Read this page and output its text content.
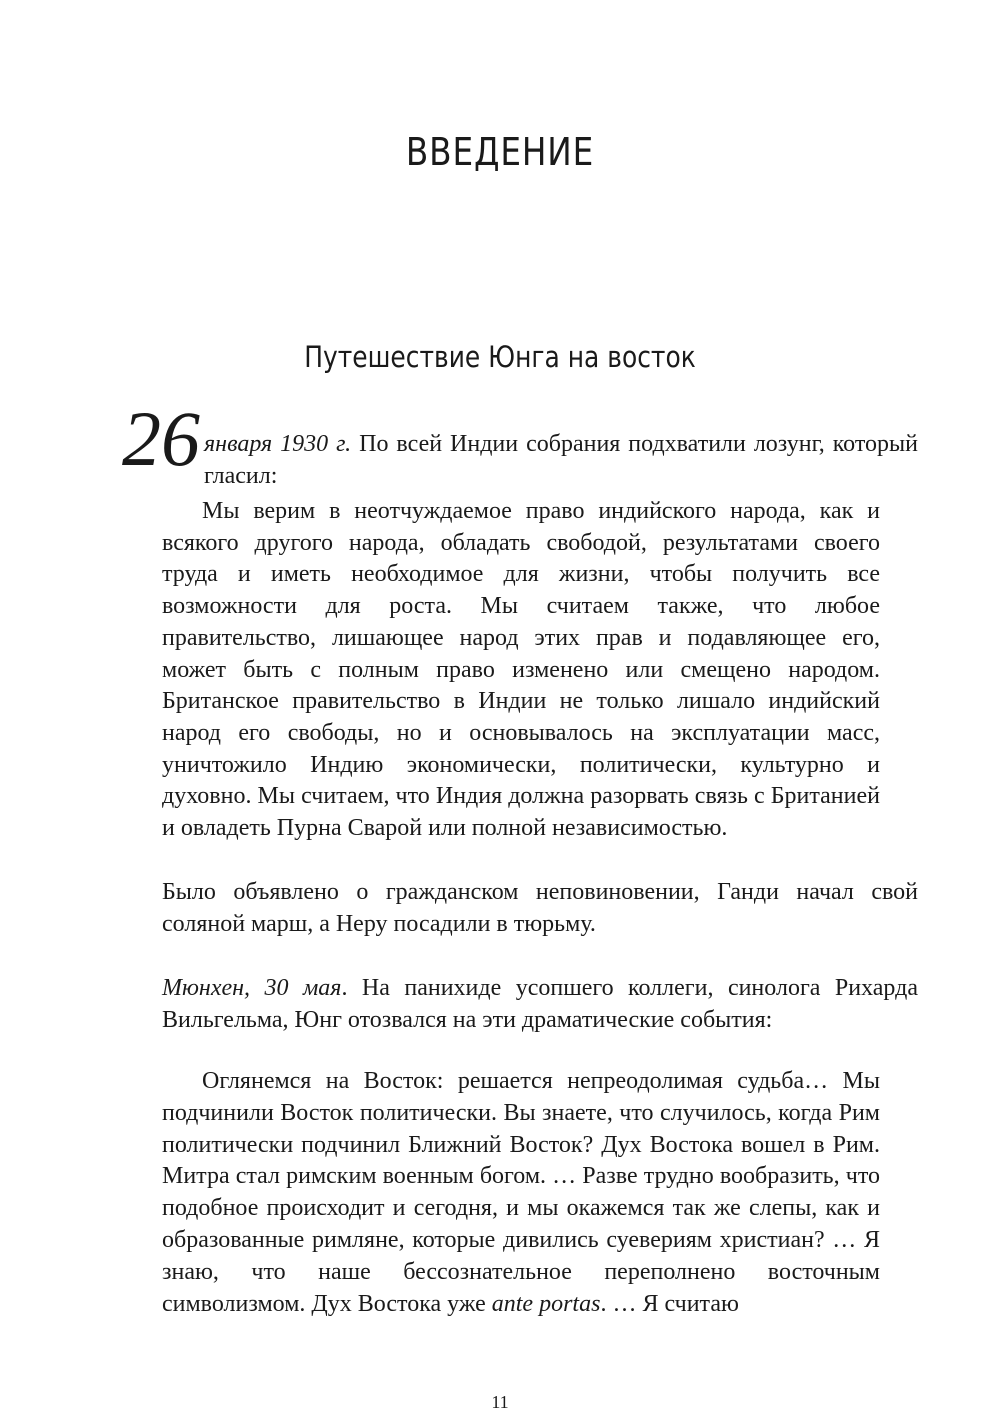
ВВЕДЕНИЕ
Путешествие Юнга на восток
26 января 1930 г. По всей Индии собрания подхватили лозунг, который гласил:

Мы верим в неотчуждаемое право индийского народа, как и всякого другого народа, обладать свободой, результатами своего труда и иметь необходимое для жизни, чтобы получить все возможности для роста. Мы считаем также, что любое правительство, лишающее народ этих прав и подавляющее его, может быть с полным право изменено или смещено народом. Британское правительство в Индии не только лишало индийский народ его свободы, но и основывалось на эксплуатации масс, уничтожило Индию экономически, политически, культурно и духовно. Мы считаем, что Индия должна разорвать связь с Британией и овладеть Пурна Сварой или полной независимостью.

Было объявлено о гражданском неповиновении, Ганди начал свой соляной марш, а Неру посадили в тюрьму.

Мюнхен, 30 мая. На панихиде усопшего коллеги, синолога Рихарда Вильгельма, Юнг отозвался на эти драматические события:

Оглянемся на Восток: решается непреодолимая судьба… Мы подчинили Восток политически. Вы знаете, что случилось, когда Рим политически подчинил Ближний Восток? Дух Востока вошел в Рим. Митра стал римским военным богом. … Разве трудно вообразить, что подобное происходит и сегодня, и мы окажемся так же слепы, как и образованные римляне, которые дивились суевериям христиан? … Я знаю, что наше бессознательное переполнено восточным символизмом. Дух Востока уже ante portas. … Я считаю

11
